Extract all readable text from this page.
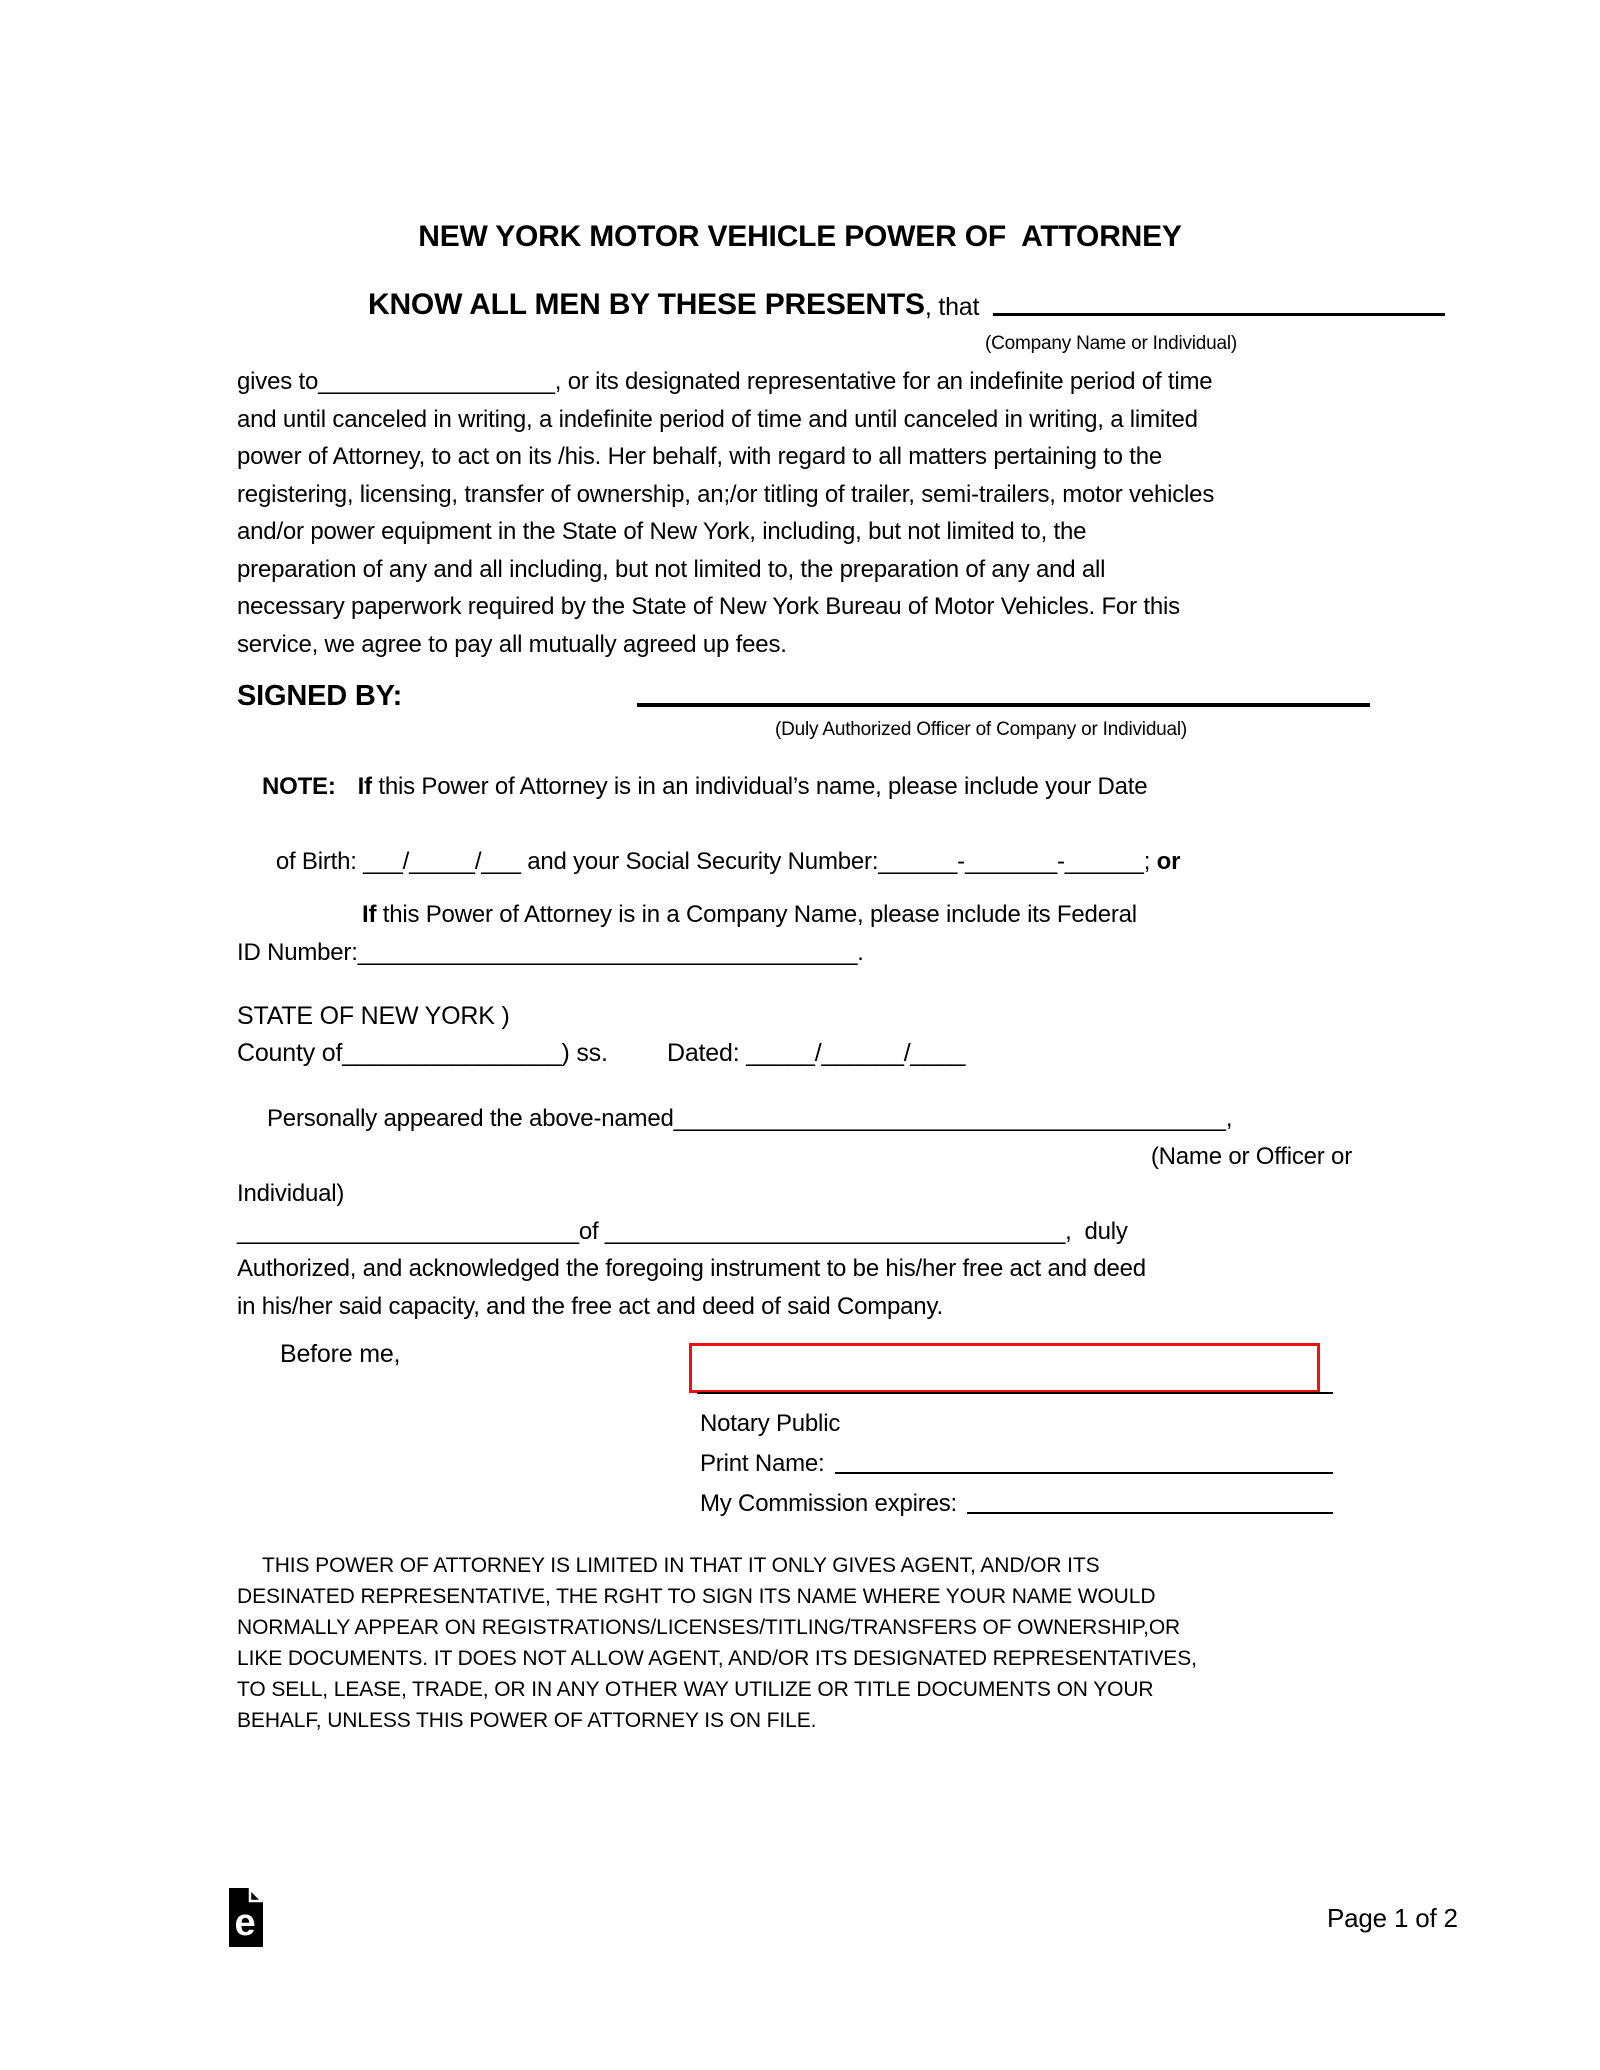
NEW YORK MOTOR VEHICLE POWER OF  ATTORNEY
KNOW ALL MEN BY THESE PRESENTS , that
(Company Name or Individual)
gives to__________________, or its designated representative for an indefinite period of time
and until canceled in writing, a indefinite period of time and until canceled in writing, a limited
power of Attorney, to act on its /his. Her behalf, with regard to all matters pertaining to the
registering, licensing, transfer of ownership, an;/or titling of trailer, semi-trailers, motor vehicles
and/or power equipment in the State of New York, including, but not limited to, the
preparation of any and all including, but not limited to, the preparation of any and all
necessary paperwork required by the State of New York Bureau of Motor Vehicles. For this
service, we agree to pay all mutually agreed up fees.
SIGNED BY:
(Duly Authorized Officer of Company or Individual)
NOTE: If this Power of Attorney is in an individual’s name, please include your Date

of Birth: ___/_____/___ and your Social Security Number:______-_______-______; or

If this Power of Attorney is in a Company Name, please include its Federal
ID Number:______________________________________.
STATE OF NEW YORK )
County of________________) ss. Dated: _____/______/____
Personally appeared the above-named__________________________________________,
(Name or Officer or
Individual)
__________________________of ___________________________________,  duly
Authorized, and acknowledged the foregoing instrument to be his/her free act and deed
in his/her said capacity, and the free act and deed of said Company.
Before me,
Notary Public
Print Name:
My Commission expires:
THIS POWER OF ATTORNEY IS LIMITED IN THAT IT ONLY GIVES AGENT, AND/OR ITS
DESINATED REPRESENTATIVE, THE RGHT TO SIGN ITS NAME WHERE YOUR NAME WOULD
NORMALLY APPEAR ON REGISTRATIONS/LICENSES/TITLING/TRANSFERS OF OWNERSHIP,OR
LIKE DOCUMENTS. IT DOES NOT ALLOW AGENT, AND/OR ITS DESIGNATED REPRESENTATIVES,
TO SELL, LEASE, TRADE, OR IN ANY OTHER WAY UTILIZE OR TITLE DOCUMENTS ON YOUR
BEHALF, UNLESS THIS POWER OF ATTORNEY IS ON FILE.
e	Page 1 of 2
